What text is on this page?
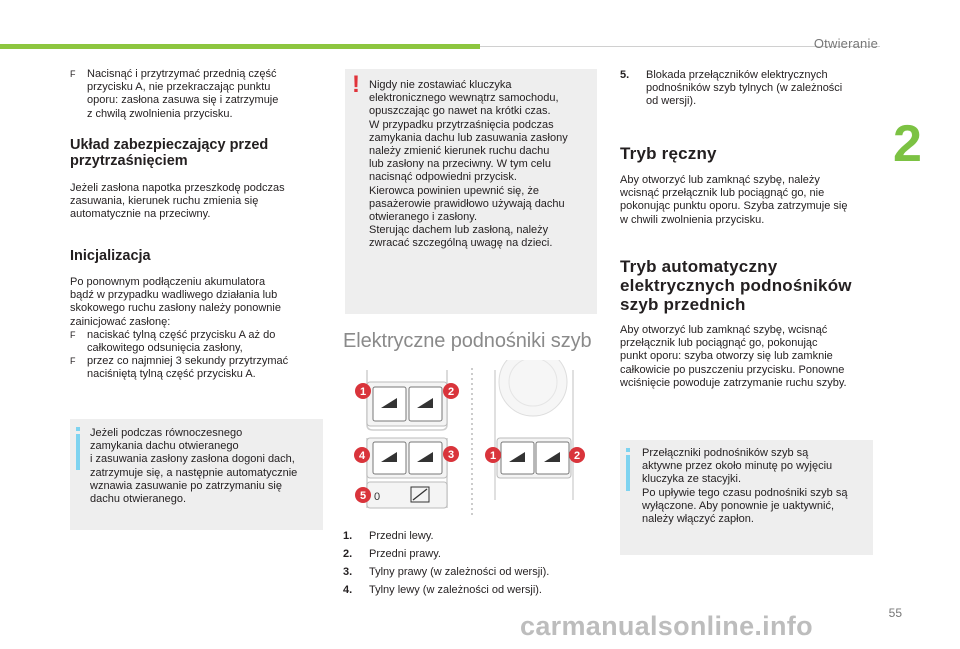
Otwieranie
2
55
carmanualsonline.info
F	Nacisnąć i przytrzymać przednią część
przycisku A, nie przekraczając punktu
oporu: zasłona zasuwa się i zatrzymuje
z chwilą zwolnienia przycisku.
Układ zabezpieczający przed
przytrzaśnięciem
Jeżeli zasłona napotka przeszkodę podczas
zasuwania, kierunek ruchu zmienia się
automatycznie na przeciwny.
Inicjalizacja
Po ponownym podłączeniu akumulatora
bądź w przypadku wadliwego działania lub
skokowego ruchu zasłony należy ponownie
zainicjować zasłonę:
F	naciskać tylną część przycisku A aż do
całkowitego odsunięcia zasłony,
F	przez co najmniej 3 sekundy przytrzymać
naciśniętą tylną część przycisku A.
Jeżeli podczas równoczesnego
zamykania dachu otwieranego
i zasuwania zasłony zasłona dogoni dach,
zatrzymuje się, a następnie automatycznie
wznawia zasuwanie po zatrzymaniu się
dachu otwieranego.
! Nigdy nie zostawiać kluczyka
elektronicznego wewnątrz samochodu,
opuszczając go nawet na krótki czas.
W przypadku przytrzaśnięcia podczas
zamykania dachu lub zasuwania zasłony
należy zmienić kierunek ruchu dachu
lub zasłony na przeciwny. W tym celu
nacisnąć odpowiedni przycisk.
Kierowca powinien upewnić się, że
pasażerowie prawidłowo używają dachu
otwieranego i zasłony.
Sterując dachem lub zasłoną, należy
zwracać szczególną uwagę na dzieci.
Elektryczne podnośniki szyb
0
1	2
4	3
5
1	2
1.	Przedni lewy.
2.	Przedni prawy.
3.	Tylny prawy (w zależności od wersji).
4.	Tylny lewy (w zależności od wersji).
5.	Blokada przełączników elektrycznych
podnośników szyb tylnych (w zależności
od wersji).
Tryb ręczny
Aby otworzyć lub zamknąć szybę, należy
wcisnąć przełącznik lub pociągnąć go, nie
pokonując punktu oporu. Szyba zatrzymuje się
w chwili zwolnienia przycisku.
Tryb automatyczny
elektrycznych podnośników
szyb przednich
Aby otworzyć lub zamknąć szybę, wcisnąć
przełącznik lub pociągnąć go, pokonując
punkt oporu: szyba otworzy się lub zamknie
całkowicie po puszczeniu przycisku. Ponowne
wciśnięcie powoduje zatrzymanie ruchu szyby.
Przełączniki podnośników szyb są
aktywne przez około minutę po wyjęciu
kluczyka ze stacyjki.
Po upływie tego czasu podnośniki szyb są
wyłączone. Aby ponownie je uaktywnić,
należy włączyć zapłon.
